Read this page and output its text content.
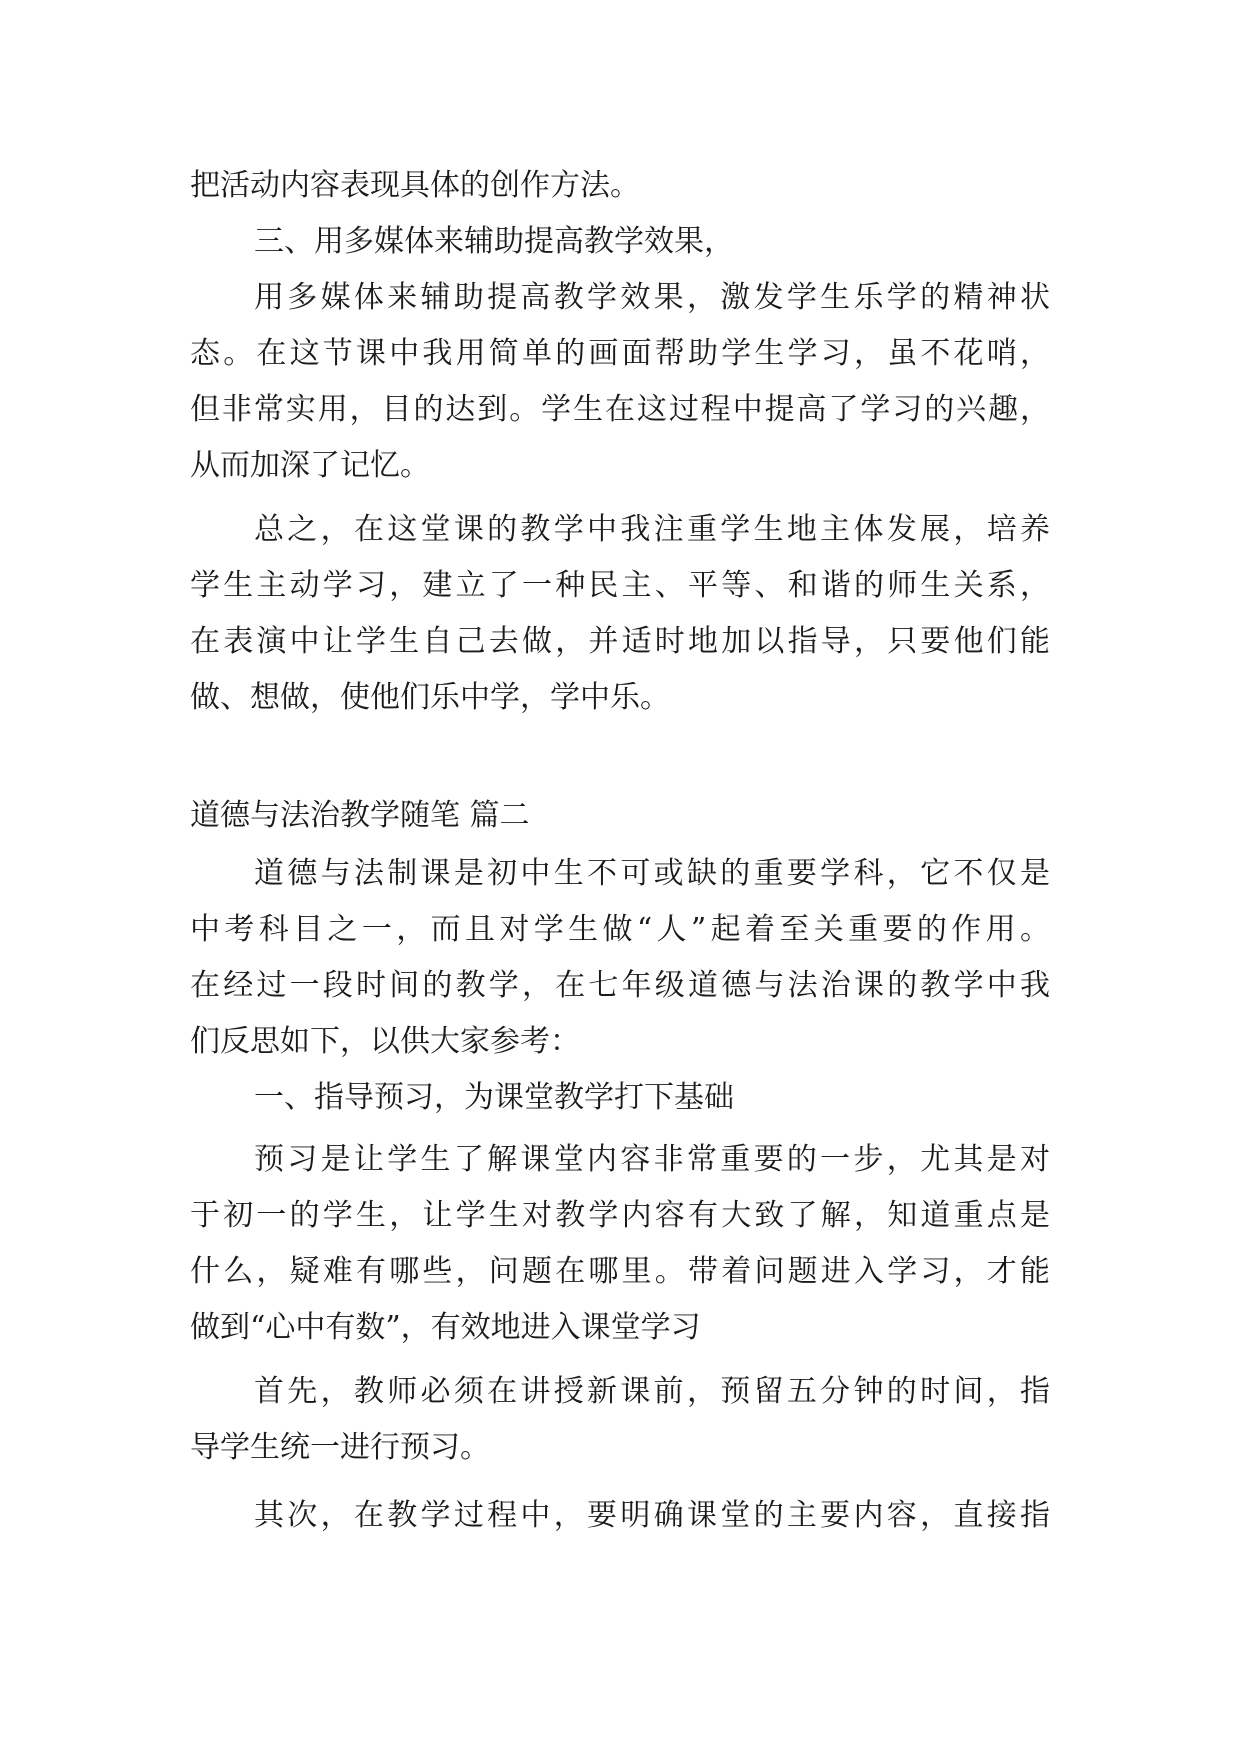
把活动内容表现具体的创作方法。
三、用多媒体来辅助提高教学效果，
用多媒体来辅助提高教学效果，激发学生乐学的精神状
态。在这节课中我用简单的画面帮助学生学习，虽不花哨，
但非常实用，目的达到。学生在这过程中提高了学习的兴趣，
从而加深了记忆。
总之，在这堂课的教学中我注重学生地主体发展，培养
学生主动学习，建立了一种民主、平等、和谐的师生关系，
在表演中让学生自己去做，并适时地加以指导，只要他们能
做、想做，使他们乐中学，学中乐。
道德与法治教学随笔 篇二
道德与法制课是初中生不可或缺的重要学科，它不仅是
中考科目之一，而且对学生做“人”起着至关重要的作用。
在经过一段时间的教学，在七年级道德与法治课的教学中我
们反思如下，以供大家参考：
一、指导预习，为课堂教学打下基础
预习是让学生了解课堂内容非常重要的一步，尤其是对
于初一的学生，让学生对教学内容有大致了解，知道重点是
什么，疑难有哪些，问题在哪里。带着问题进入学习，才能
做到“心中有数”，有效地进入课堂学习
首先，教师必须在讲授新课前，预留五分钟的时间，指
导学生统一进行预习。
其次，在教学过程中，要明确课堂的主要内容，直接指
